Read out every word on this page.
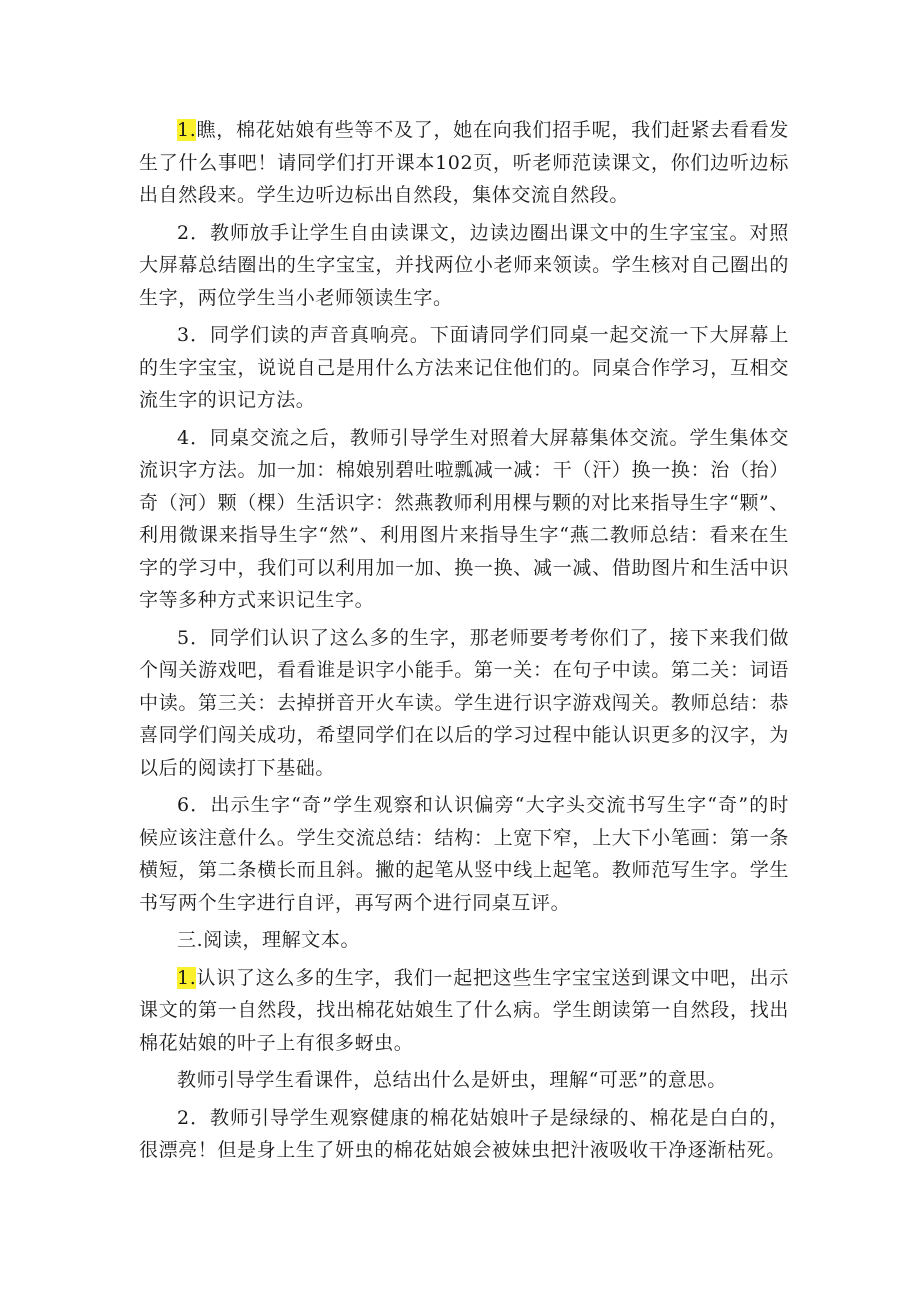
1.瞧，棉花姑娘有些等不及了，她在向我们招手呢，我们赶紧去看看发生了什么事吧！请同学们打开课本102页，听老师范读课文，你们边听边标出自然段来。学生边听边标出自然段，集体交流自然段。

2．教师放手让学生自由读课文，边读边圈出课文中的生字宝宝。对照大屏幕总结圈出的生字宝宝，并找两位小老师来领读。学生核对自己圈出的生字，两位学生当小老师领读生字。

3．同学们读的声音真响亮。下面请同学们同桌一起交流一下大屏幕上的生字宝宝，说说自己是用什么方法来记住他们的。同桌合作学习，互相交流生字的识记方法。

4．同桌交流之后，教师引导学生对照着大屏幕集体交流。学生集体交流识字方法。加一加：棉娘别碧吐啦瓢减一减：干（汗）换一换：治（抬）奇（河）颗（棵）生活识字：然燕教师利用棵与颗的对比来指导生字“颗”、利用微课来指导生字“然”、利用图片来指导生字“燕二教师总结：看来在生字的学习中，我们可以利用加一加、换一换、减一减、借助图片和生活中识字等多种方式来识记生字。

5．同学们认识了这么多的生字，那老师要考考你们了，接下来我们做个闯关游戏吧，看看谁是识字小能手。第一关：在句子中读。第二关：词语中读。第三关：去掉拼音开火车读。学生进行识字游戏闯关。教师总结：恭喜同学们闯关成功，希望同学们在以后的学习过程中能认识更多的汉字，为以后的阅读打下基础。

6．出示生字“奇”学生观察和认识偏旁“大字头交流书写生字“奇”的时候应该注意什么。学生交流总结：结构：上宽下窄，上大下小笔画：第一条横短，第二条横长而且斜。撇的起笔从竖中线上起笔。教师范写生字。学生书写两个生字进行自评，再写两个进行同桌互评。

三.阅读，理解文本。

1.认识了这么多的生字，我们一起把这些生字宝宝送到课文中吧，出示课文的第一自然段，找出棉花姑娘生了什么病。学生朗读第一自然段，找出棉花姑娘的叶子上有很多蚜虫。

教师引导学生看课件，总结出什么是妍虫，理解“可恶”的意思。

2．教师引导学生观察健康的棉花姑娘叶子是绿绿的、棉花是白白的，很漂亮！但是身上生了妍虫的棉花姑娘会被妹虫把汁液吸收干净逐渐枯死。
